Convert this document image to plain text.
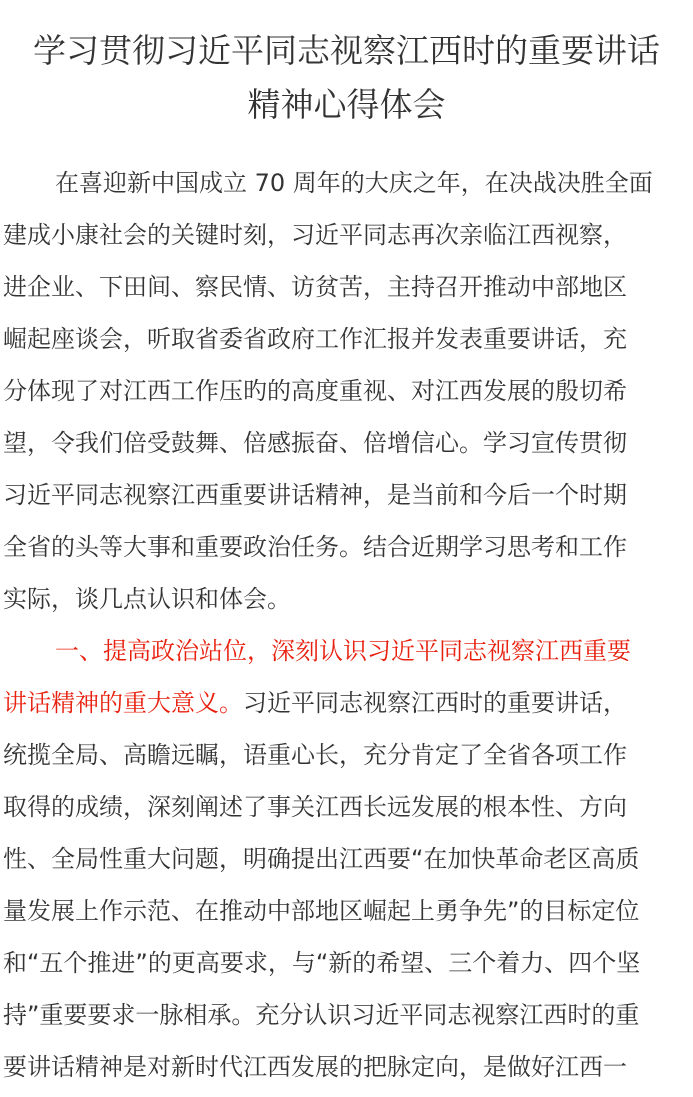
学习贯彻习近平同志视察江西时的重要讲话
精神心得体会
在喜迎新中国成立 70 周年的大庆之年，在决战决胜全面
建成小康社会的关键时刻，习近平同志再次亲临江西视察，
进企业、下田间、察民情、访贫苦，主持召开推动中部地区
崛起座谈会，听取省委省政府工作汇报并发表重要讲话，充
分体现了对江西工作压旳的高度重视、对江西发展的殷切希
望，令我们倍受鼓舞、倍感振奋、倍增信心。学习宣传贯彻
习近平同志视察江西重要讲话精神，是当前和今后一个时期
全省的头等大事和重要政治任务。结合近期学习思考和工作
实际，谈几点认识和体会。
一、提高政治站位，深刻认识习近平同志视察江西重要
讲话精神的重大意义。习近平同志视察江西时的重要讲话，
统揽全局、高瞻远瞩，语重心长，充分肯定了全省各项工作
取得的成绩，深刻阐述了事关江西长远发展的根本性、方向
性、全局性重大问题，明确提出江西要“在加快革命老区高质
量发展上作示范、在推动中部地区崛起上勇争先”的目标定位
和“五个推进”的更高要求，与“新的希望、三个着力、四个坚
持”重要要求一脉相承。充分认识习近平同志视察江西时的重
要讲话精神是对新时代江西发展的把脉定向，是做好江西一
